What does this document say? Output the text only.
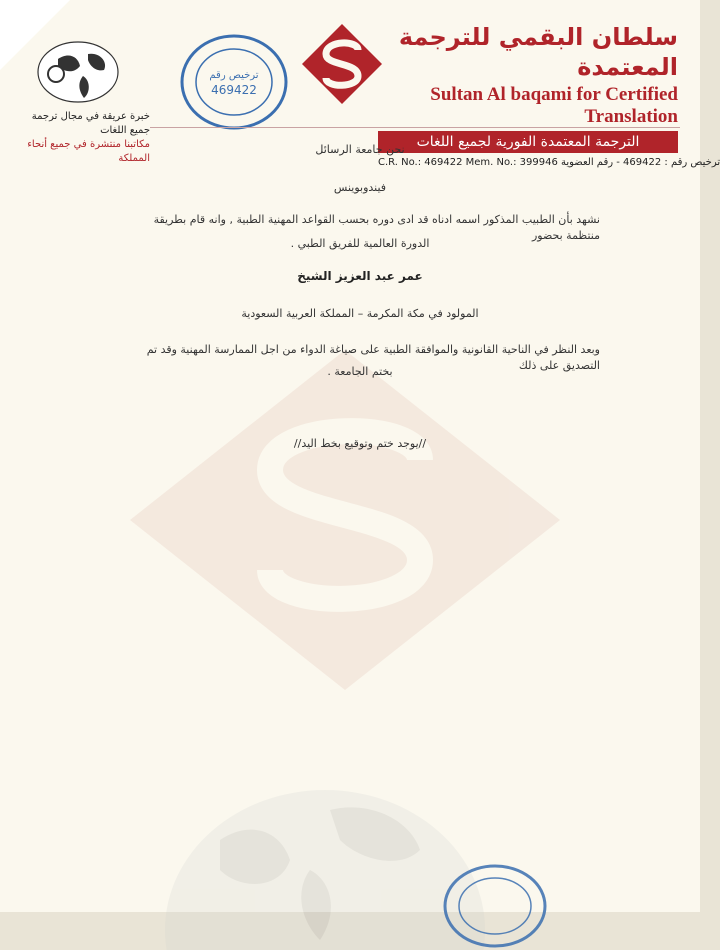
خبرة عريقة في مجال ترجمة جميع اللغات
مكاتبنا منتشرة في جميع أنحاء المملكة
ترخيص رقم
469422
سلطان البقمي للترجمة المعتمدة
Sultan Al baqami for Certified Translation
الترجمة المعتمدة الفورية لجميع اللغات
C.R. No.: 469422 Mem. No.: 399946 ترخيص رقم : 469422 - رقم العضوية
نحن جامعة الرسائل
فيندوبوينس
نشهد بأن الطبيب المذكور اسمه ادناه قد ادى دوره بحسب القواعد المهنية الطبية , وانه قام بطريقة منتظمة بحضور
الدورة العالمية للفريق الطبي .
عمر عبد العزيز الشيخ
المولود في مكة المكرمة – المملكة العربية السعودية
وبعد النظر في الناحية القانونية والموافقة الطبية على صياغة الدواء من اجل الممارسة المهنية وقد تم التصديق على ذلك
بختم الجامعة .
//يوجد ختم وتوقيع بخط اليد//
